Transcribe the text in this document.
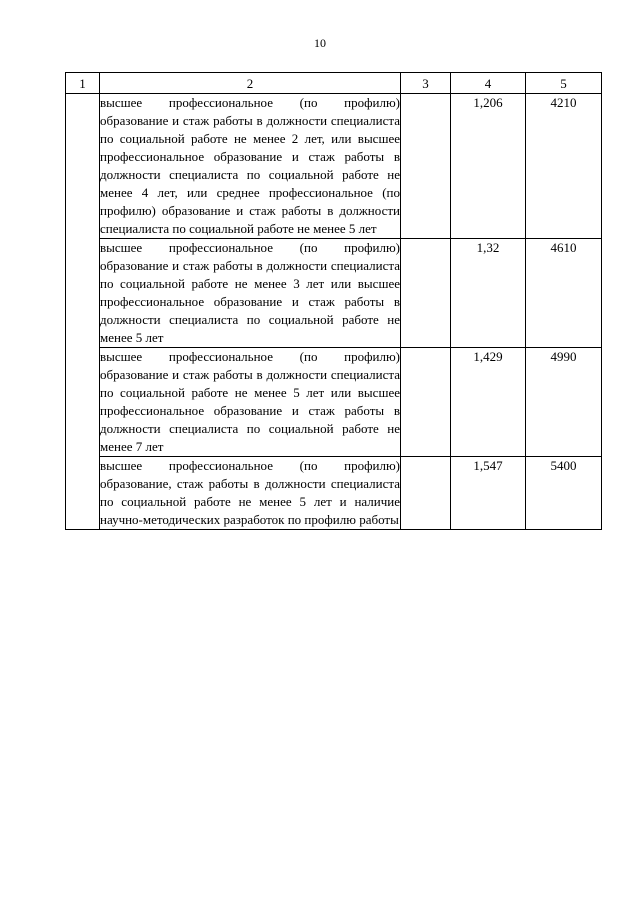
10
1	2	3	4	5
	высшее профессиональное (по профилю) образование и стаж работы в должности специалиста по социальной работе не менее 2 лет, или высшее профессиональное образование и стаж работы в должности специалиста по социальной работе не менее 4 лет, или среднее профессиональное (по профилю) образование и стаж работы в должности специалиста по социальной работе не менее 5 лет		1,206	4210
	высшее профессиональное (по профилю) образование и стаж работы в должности специалиста по социальной работе не менее 3 лет или высшее профессиональное образование и стаж работы в должности специалиста по социальной работе не менее 5 лет		1,32	4610
	высшее профессиональное (по профилю) образование и стаж работы в должности специалиста по социальной работе не менее 5 лет или высшее профессиональное образование и стаж работы в должности специалиста по социальной работе не менее 7 лет		1,429	4990
	высшее профессиональное (по профилю) образование, стаж работы в должности специалиста по социальной работе не менее 5 лет и наличие научно-методических разработок по профилю работы		1,547	5400
